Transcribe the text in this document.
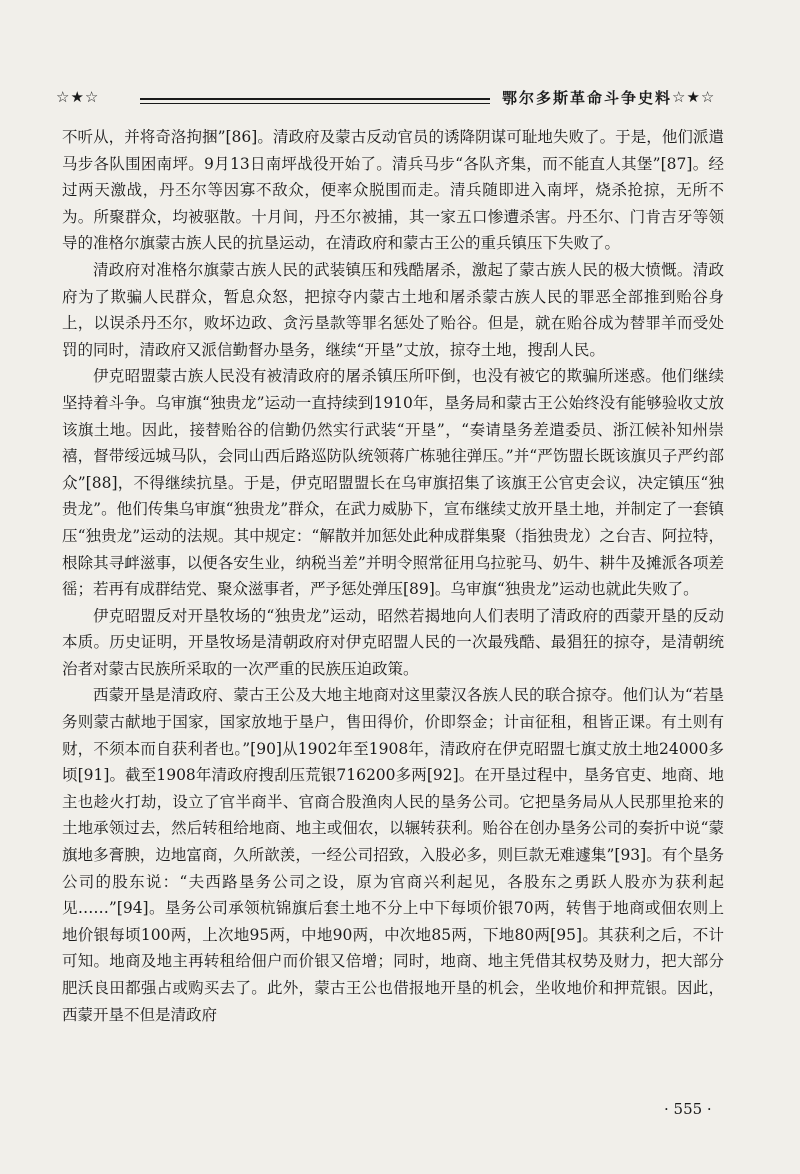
☆★☆	鄂尔多斯革命斗争史料 ☆★☆

不听从，并将奇洛拘捆”[86]。清政府及蒙古反动官员的诱降阴谋可耻地失败了。于是，他们派遣马步各队围困南坪。9月13日南坪战役开始了。清兵马步“各队齐集，而不能直人其堡”[87]。经过两天激战，丹丕尔等因寡不敌众，便率众脱围而走。清兵随即进入南坪，烧杀抢掠，无所不为。所聚群众，均被驱散。十月间，丹丕尔被捕，其一家五口惨遭杀害。丹丕尔、门肯吉牙等领导的准格尔旗蒙古族人民的抗垦运动，在清政府和蒙古王公的重兵镇压下失败了。

清政府对准格尔旗蒙古族人民的武装镇压和残酷屠杀，激起了蒙古族人民的极大愤慨。清政府为了欺骗人民群众，暂息众怒，把掠夺内蒙古土地和屠杀蒙古族人民的罪恶全部推到贻谷身上，以误杀丹丕尔，败坏边政、贪污垦款等罪名惩处了贻谷。但是，就在贻谷成为替罪羊而受处罚的同时，清政府又派信勤督办垦务，继续“开垦”丈放，掠夺土地，搜刮人民。

伊克昭盟蒙古族人民没有被清政府的屠杀镇压所吓倒，也没有被它的欺骗所迷惑。他们继续坚持着斗争。乌审旗“独贵龙”运动一直持续到1910年，垦务局和蒙古王公始终没有能够验收丈放该旗土地。因此，接替贻谷的信勤仍然实行武装“开垦”，“奏请垦务差遣委员、浙江候补知州崇禧，督带绥远城马队，会同山西后路巡防队统领蒋广栋驰往弹压。”并“严饬盟长既该旗贝子严约部众”[88]，不得继续抗垦。于是，伊克昭盟盟长在乌审旗招集了该旗王公官吏会议，决定镇压“独贵龙”。他们传集乌审旗“独贵龙”群众，在武力威胁下，宣布继续丈放开垦土地，并制定了一套镇压“独贵龙”运动的法规。其中规定：“解散并加惩处此种成群集聚（指独贵龙）之台吉、阿拉特，根除其寻衅滋事，以便各安生业，纳税当差”并明令照常征用乌拉驼马、奶牛、耕牛及摊派各项差徭；若再有成群结党、聚众滋事者，严予惩处弹压[89]。乌审旗“独贵龙”运动也就此失败了。

伊克昭盟反对开垦牧场的“独贵龙”运动，昭然若揭地向人们表明了清政府的西蒙开垦的反动本质。历史证明，开垦牧场是清朝政府对伊克昭盟人民的一次最残酷、最猖狂的掠夺，是清朝统治者对蒙古民族所采取的一次严重的民族压迫政策。

西蒙开垦是清政府、蒙古王公及大地主地商对这里蒙汉各族人民的联合掠夺。他们认为“若垦务则蒙古献地于国家，国家放地于垦户，售田得价，价即祭金；计亩征租，租皆正课。有土则有财，不须本而自获利者也。”[90]从1902年至1908年，清政府在伊克昭盟七旗丈放土地24000多顷[91]。截至1908年清政府搜刮压荒银716200多两[92]。在开垦过程中，垦务官吏、地商、地主也趁火打劫，设立了官半商半、官商合股渔肉人民的垦务公司。它把垦务局从人民那里抢来的土地承领过去，然后转租给地商、地主或佃农，以辗转获利。贻谷在创办垦务公司的奏折中说“蒙旗地多膏腴，边地富商，久所歆羡，一经公司招致，入股必多，则巨款无难遽集”[93]。有个垦务公司的股东说：“夫西路垦务公司之设，原为官商兴利起见，各股东之勇跃人股亦为获利起见……”[94]。垦务公司承领杭锦旗后套土地不分上中下每顷价银70两，转售于地商或佃农则上地价银每顷100两，上次地95两，中地90两，中次地85两，下地80两[95]。其获利之后，不计可知。地商及地主再转租给佃户而价银又倍增；同时，地商、地主凭借其权势及财力，把大部分肥沃良田都强占或购买去了。此外，蒙古王公也借报地开垦的机会，坐收地价和押荒银。因此，西蒙开垦不但是清政府

· 555 ·
